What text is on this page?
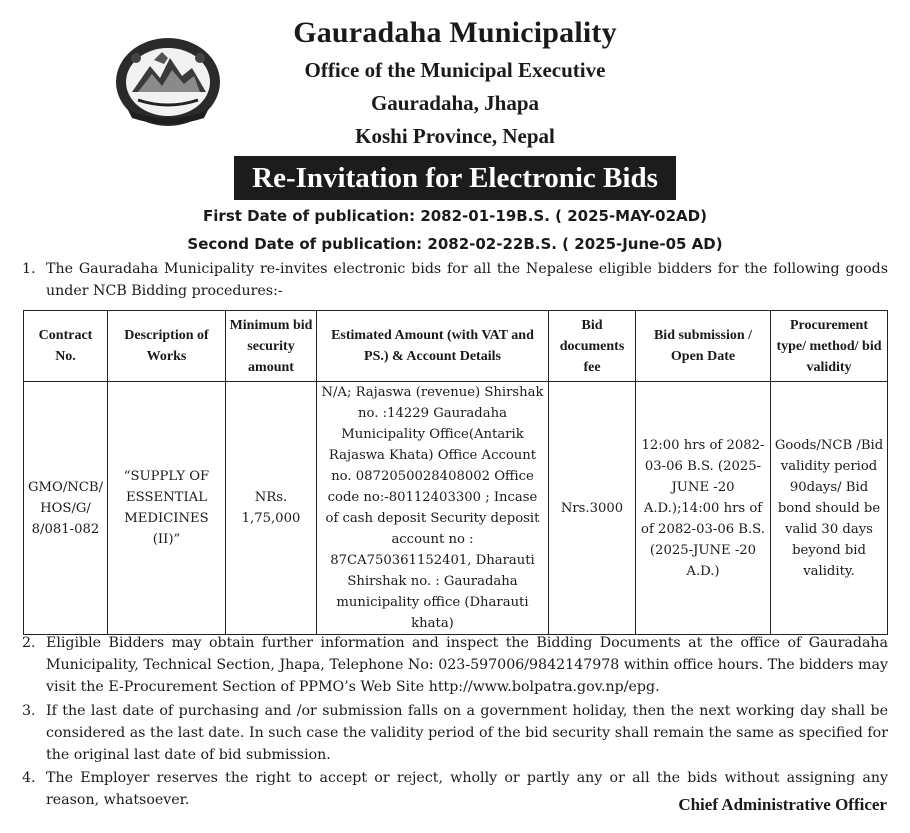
Gauradaha Municipality
Office of the Municipal Executive
Gauradaha, Jhapa
Koshi Province, Nepal
Re-Invitation for Electronic Bids
First Date of publication: 2082-01-19B.S. ( 2025-MAY-02AD)
Second Date of publication: 2082-02-22B.S. ( 2025-June-05 AD)
1. The Gauradaha Municipality re-invites electronic bids for all the Nepalese eligible bidders for the following goods under NCB Bidding procedures:-
Contract No.	Description of Works	Minimum bid security amount	Estimated Amount (with VAT and PS.) & Account Details	Bid documents fee	Bid submission / Open Date	Procurement type/ method/ bid validity
GMO/NCB/ HOS/G/ 8/081-082	“SUPPLY OF ESSENTIAL MEDICINES (II)”	NRs. 1,75,000	N/A; Rajaswa (revenue) Shirshak no. :14229 Gauradaha Municipality Office(Antarik Rajaswa Khata) Office Account no. 0872050028408002 Office code no:-80112403300 ; Incase of cash deposit Security deposit account no : 87CA750361152401, Dharauti Shirshak no. : Gauradaha municipality office (Dharauti khata)	Nrs.3000	12:00 hrs of 2082-03-06 B.S. (2025-JUNE -20 A.D.);14:00 hrs of of 2082-03-06 B.S.(2025-JUNE -20 A.D.)	Goods/NCB /Bid validity period 90days/ Bid bond should be valid 30 days beyond bid validity.
2. Eligible Bidders may obtain further information and inspect the Bidding Documents at the office of Gauradaha Municipality, Technical Section, Jhapa, Telephone No: 023-597006/9842147978 within office hours. The bidders may visit the E-Procurement Section of PPMO’s Web Site http://www.bolpatra.gov.np/epg.
3. If the last date of purchasing and /or submission falls on a government holiday, then the next working day shall be considered as the last date. In such case the validity period of the bid security shall remain the same as specified for the original last date of bid submission.
4. The Employer reserves the right to accept or reject, wholly or partly any or all the bids without assigning any reason, whatsoever.	Chief Administrative Officer
